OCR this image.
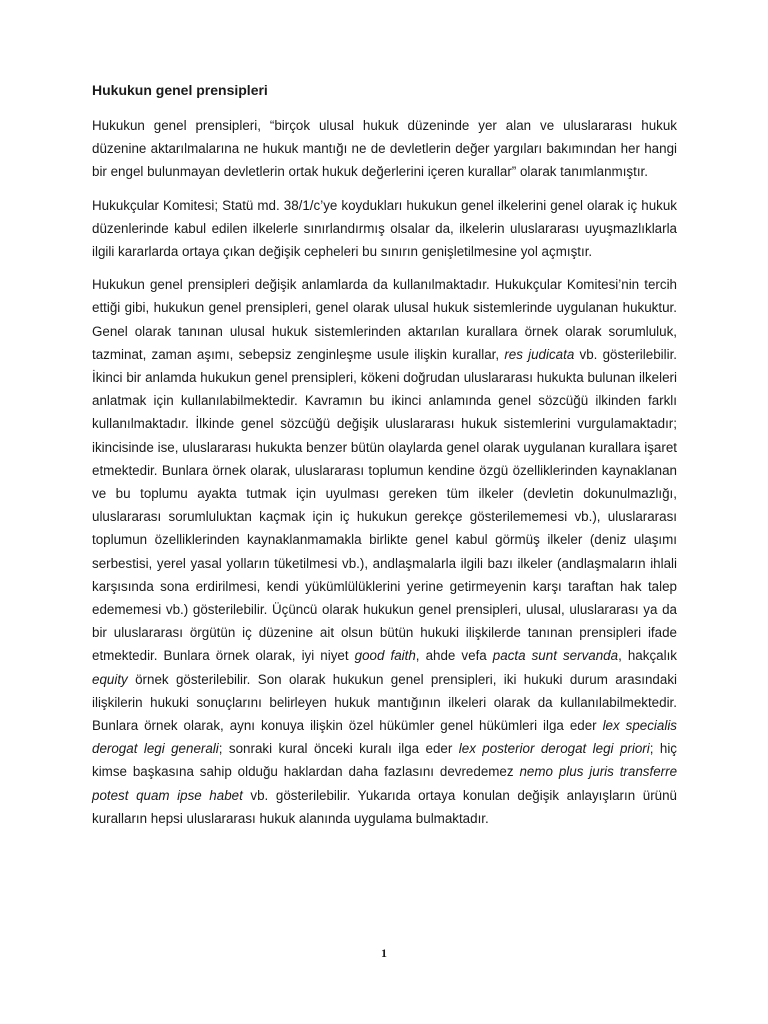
Hukukun genel prensipleri

Hukukun genel prensipleri, “birçok ulusal hukuk düzeninde yer alan ve uluslararası hukuk düzenine aktarılmalarına ne hukuk mantığı ne de devletlerin değer yargıları bakımından her hangi bir engel bulunmayan devletlerin ortak hukuk değerlerini içeren kurallar” olarak tanımlanmıştır.

Hukukçular Komitesi; Statü md. 38/1/c’ye koydukları hukukun genel ilkelerini genel olarak iç hukuk düzenlerinde kabul edilen ilkelerle sınırlandırmış olsalar da, ilkelerin uluslararası uyuşmazlıklarla ilgili kararlarda ortaya çıkan değişik cepheleri bu sınırın genişletilmesine yol açmıştır.

Hukukun genel prensipleri değişik anlamlarda da kullanılmaktadır. Hukukçular Komitesi’nin tercih ettiği gibi, hukukun genel prensipleri, genel olarak ulusal hukuk sistemlerinde uygulanan hukuktur. Genel olarak tanınan ulusal hukuk sistemlerinden aktarılan kurallara örnek olarak sorumluluk, tazminat, zaman aşımı, sebepsiz zenginleşme usule ilişkin kurallar, res judicata vb. gösterilebilir. İkinci bir anlamda hukukun genel prensipleri, kökeni doğrudan uluslararası hukukta bulunan ilkeleri anlatmak için kullanılabilmektedir. Kavramın bu ikinci anlamında genel sözcüğü ilkinden farklı kullanılmaktadır. İlkinde genel sözcüğü değişik uluslararası hukuk sistemlerini vurgulamaktadır; ikincisinde ise, uluslararası hukukta benzer bütün olaylarda genel olarak uygulanan kurallara işaret etmektedir. Bunlara örnek olarak, uluslararası toplumun kendine özgü özelliklerinden kaynaklanan ve bu toplumu ayakta tutmak için uyulması gereken tüm ilkeler (devletin dokunulmazlığı, uluslararası sorumluluktan kaçmak için iç hukukun gerekçe gösterilememesi vb.), uluslararası toplumun özelliklerinden kaynaklanmamakla birlikte genel kabul görmüş ilkeler (deniz ulaşımı serbestisi, yerel yasal yolların tüketilmesi vb.), andlaşmalarla ilgili bazı ilkeler (andlaşmaların ihlali karşısında sona erdirilmesi, kendi yükümlülüklerini yerine getirmeyenin karşı taraftan hak talep edememesi vb.) gösterilebilir. Üçüncü olarak hukukun genel prensipleri, ulusal, uluslararası ya da bir uluslararası örgütün iç düzenine ait olsun bütün hukuki ilişkilerde tanınan prensipleri ifade etmektedir. Bunlara örnek olarak, iyi niyet good faith, ahde vefa pacta sunt servanda, hakçalık equity örnek gösterilebilir. Son olarak hukukun genel prensipleri, iki hukuki durum arasındaki ilişkilerin hukuki sonuçlarını belirleyen hukuk mantığının ilkeleri olarak da kullanılabilmektedir. Bunlara örnek olarak, aynı konuya ilişkin özel hükümler genel hükümleri ilga eder lex specialis derogat legi generali; sonraki kural önceki kuralı ilga eder lex posterior derogat legi priori; hiç kimse başkasına sahip olduğu haklardan daha fazlasını devredemez nemo plus juris transferre potest quam ipse habet vb. gösterilebilir. Yukarıda ortaya konulan değişik anlayışların ürünü kuralların hepsi uluslararası hukuk alanında uygulama bulmaktadır.

1
